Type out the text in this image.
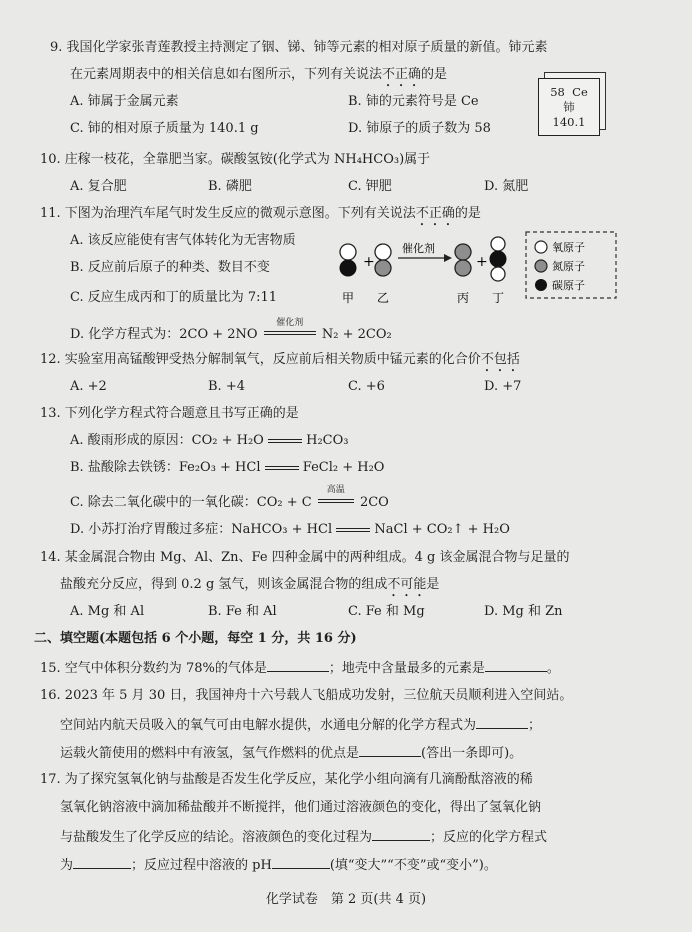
9. 我国化学家张青莲教授主持测定了铟、锑、铈等元素的相对原子质量的新值。铈元素
在元素周期表中的相关信息如右图所示，下列有关说法不正确的是
A. 铈属于金属元素	B. 铈的元素符号是 Ce
C. 铈的相对原子质量为 140.1 g	D. 铈原子的质子数为 58
58 Ce
铈
140.1
10. 庄稼一枝花，全靠肥当家。碳酸氢铵(化学式为 NH₄HCO₃)属于
A. 复合肥	B. 磷肥	C. 钾肥	D. 氮肥
11. 下图为治理汽车尾气时发生反应的微观示意图。下列有关说法不正确的是
A. 该反应能使有害气体转化为无害物质
B. 反应前后原子的种类、数目不变
C. 反应生成丙和丁的质量比为 7:11
D. 化学方程式为：2CO + 2NO
催化剂
N₂ + 2CO₂
+
催化剂
+
甲 乙	丙 丁
氧原子
氮原子
碳原子
12. 实验室用高锰酸钾受热分解制氧气，反应前后相关物质中锰元素的化合价不包括
A. +2	B. +4	C. +6	D. +7
13. 下列化学方程式符合题意且书写正确的是
A. 酸雨形成的原因：CO₂ + H₂O	H₂CO₃
B. 盐酸除去铁锈：Fe₂O₃ + HCl	FeCl₂ + H₂O
C. 除去二氧化碳中的一氧化碳：CO₂ + C
高温
2CO
D. 小苏打治疗胃酸过多症：NaHCO₃ + HCl	NaCl + CO₂↑ + H₂O
14. 某金属混合物由 Mg、Al、Zn、Fe 四种金属中的两种组成。4 g 该金属混合物与足量的
盐酸充分反应，得到 0.2 g 氢气，则该金属混合物的组成不可能是
A. Mg 和 Al	B. Fe 和 Al	C. Fe 和 Mg	D. Mg 和 Zn
二、填空题(本题包括 6 个小题，每空 1 分，共 16 分)
15. 空气中体积分数约为 78%的气体是	；地壳中含量最多的元素是	。
16. 2023 年 5 月 30 日，我国神舟十六号载人飞船成功发射，三位航天员顺利进入空间站。
空间站内航天员吸入的氧气可由电解水提供，水通电分解的化学方程式为	；
运载火箭使用的燃料中有液氢，氢气作燃料的优点是	(答出一条即可)。
17. 为了探究氢氧化钠与盐酸是否发生化学反应，某化学小组向滴有几滴酚酞溶液的稀
氢氧化钠溶液中滴加稀盐酸并不断搅拌，他们通过溶液颜色的变化，得出了氢氧化钠
与盐酸发生了化学反应的结论。溶液颜色的变化过程为	；反应的化学方程式
为	；反应过程中溶液的 pH	(填“变大”“不变”或“变小”)。
化学试卷　第 2 页(共 4 页)
